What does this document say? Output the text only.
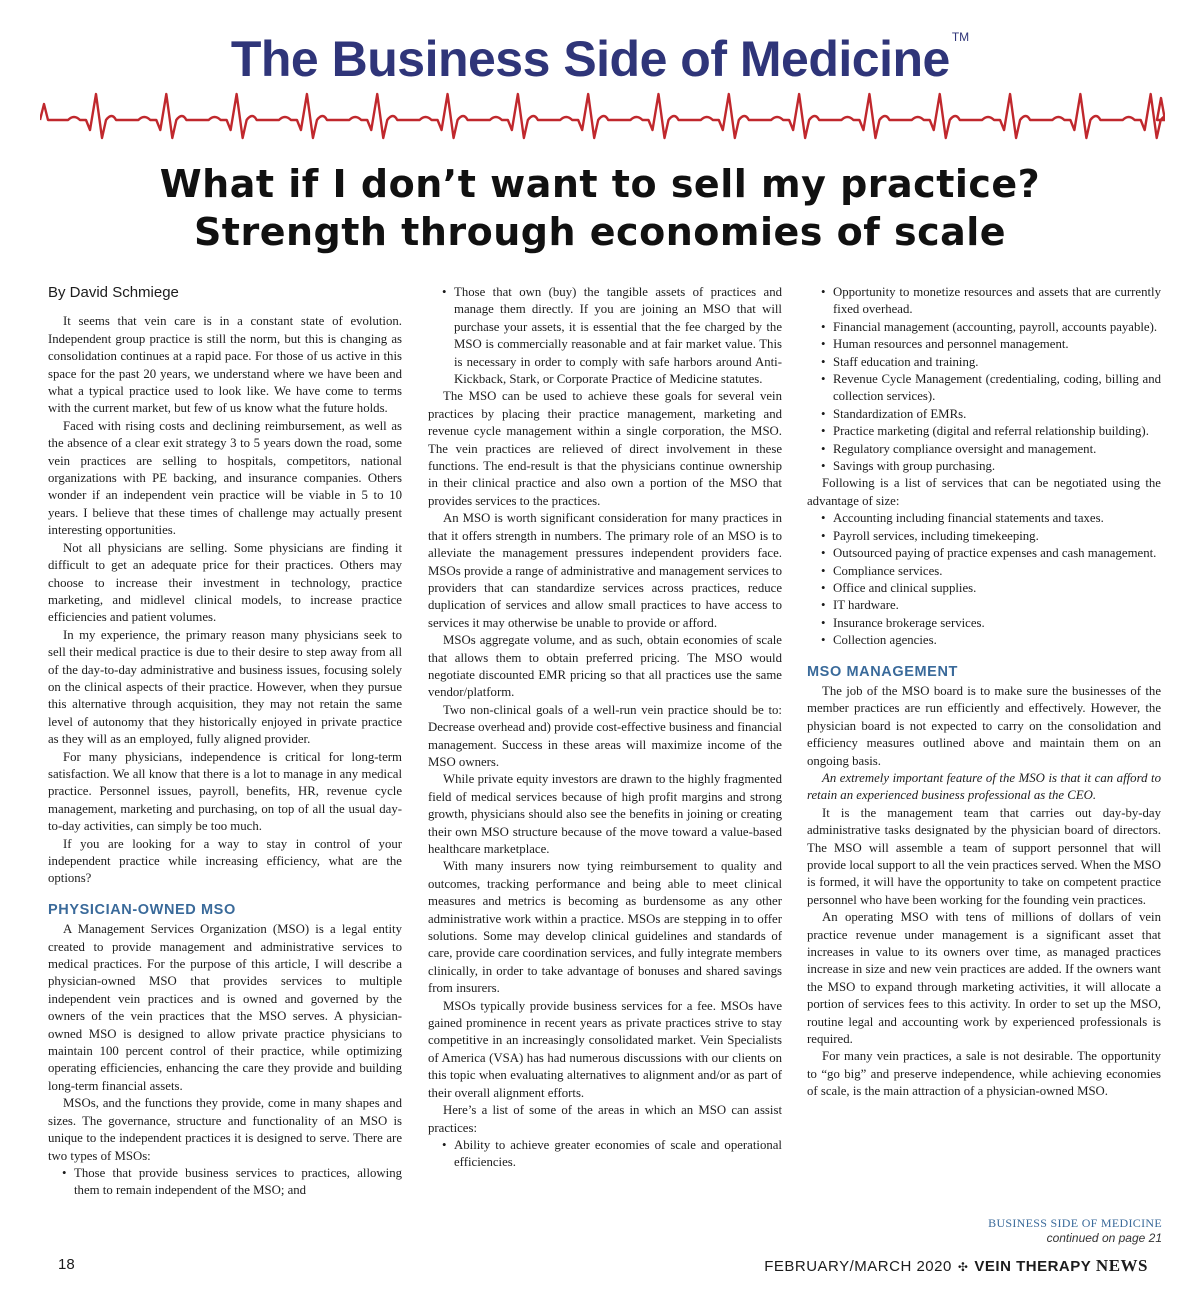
The Business Side of Medicine ™
What if I don’t want to sell my practice?
Strength through economies of scale
By David Schmiege

It seems that vein care is in a constant state of evolution. Independent group practice is still the norm, but this is changing as consolidation continues at a rapid pace. For those of us active in this space for the past 20 years, we understand where we have been and what a typical practice used to look like. We have come to terms with the current market, but few of us know what the future holds.

Faced with rising costs and declining reimbursement, as well as the absence of a clear exit strategy 3 to 5 years down the road, some vein practices are selling to hospitals, competitors, national organizations with PE backing, and insurance companies. Others wonder if an independent vein practice will be viable in 5 to 10 years. I believe that these times of challenge may actually present interesting opportunities.

Not all physicians are selling. Some physicians are finding it difficult to get an adequate price for their practices. Others may choose to increase their investment in technology, practice marketing, and midlevel clinical models, to increase practice efficiencies and patient volumes.

In my experience, the primary reason many physicians seek to sell their medical practice is due to their desire to step away from all of the day-to-day administrative and business issues, focusing solely on the clinical aspects of their practice. However, when they pursue this alternative through acquisition, they may not retain the same level of autonomy that they historically enjoyed in private practice as they will as an employed, fully aligned provider.

For many physicians, independence is critical for long-term satisfaction. We all know that there is a lot to manage in any medical practice. Personnel issues, payroll, benefits, HR, revenue cycle management, marketing and purchasing, on top of all the usual day-to-day activities, can simply be too much.

If you are looking for a way to stay in control of your independent practice while increasing efficiency, what are the options?

PHYSICIAN-OWNED MSO

A Management Services Organization (MSO) is a legal entity created to provide management and administrative services to medical practices. For the purpose of this article, I will describe a physician-owned MSO that provides services to multiple independent vein practices and is owned and governed by the owners of the vein practices that the MSO serves. A physician-owned MSO is designed to allow private practice physicians to maintain 100 percent control of their practice, while optimizing operating efficiencies, enhancing the care they provide and building long-term financial assets.

MSOs, and the functions they provide, come in many shapes and sizes. The governance, structure and functionality of an MSO is unique to the independent practices it is designed to serve. There are two types of MSOs:

• Those that provide business services to practices, allowing them to remain independent of the MSO; and
• Those that own (buy) the tangible assets of practices and manage them directly. If you are joining an MSO that will purchase your assets, it is essential that the fee charged by the MSO is commercially reasonable and at fair market value. This is necessary in order to comply with safe harbors around Anti-Kickback, Stark, or Corporate Practice of Medicine statutes.

The MSO can be used to achieve these goals for several vein practices by placing their practice management, marketing and revenue cycle management within a single corporation, the MSO. The vein practices are relieved of direct involvement in these functions. The end-result is that the physicians continue ownership in their clinical practice and also own a portion of the MSO that provides services to the practices.

An MSO is worth significant consideration for many practices in that it offers strength in numbers. The primary role of an MSO is to alleviate the management pressures independent providers face. MSOs provide a range of administrative and management services to providers that can standardize services across practices, reduce duplication of services and allow small practices to have access to services it may otherwise be unable to provide or afford.

MSOs aggregate volume, and as such, obtain economies of scale that allows them to obtain preferred pricing. The MSO would negotiate discounted EMR pricing so that all practices use the same vendor/platform.

Two non-clinical goals of a well-run vein practice should be to: Decrease overhead and) provide cost-effective business and financial management. Success in these areas will maximize income of the MSO owners.

While private equity investors are drawn to the highly fragmented field of medical services because of high profit margins and strong growth, physicians should also see the benefits in joining or creating their own MSO structure because of the move toward a value-based healthcare marketplace.

With many insurers now tying reimbursement to quality and outcomes, tracking performance and being able to meet clinical measures and metrics is becoming as burdensome as any other administrative work within a practice. MSOs are stepping in to offer solutions. Some may develop clinical guidelines and standards of care, provide care coordination services, and fully integrate members clinically, in order to take advantage of bonuses and shared savings from insurers.

MSOs typically provide business services for a fee. MSOs have gained prominence in recent years as private practices strive to stay competitive in an increasingly consolidated market. Vein Specialists of America (VSA) has had numerous discussions with our clients on this topic when evaluating alternatives to alignment and/or as part of their overall alignment efforts.

Here’s a list of some of the areas in which an MSO can assist practices:

• Ability to achieve greater economies of scale and operational efficiencies.
• Opportunity to monetize resources and assets that are currently fixed overhead.
• Financial management (accounting, payroll, accounts payable).
• Human resources and personnel management.
• Staff education and training.
• Revenue Cycle Management (credentialing, coding, billing and collection services).
• Standardization of EMRs.
• Practice marketing (digital and referral relationship building).
• Regulatory compliance oversight and management.
• Savings with group purchasing.

Following is a list of services that can be negotiated using the advantage of size:

• Accounting including financial statements and taxes.
• Payroll services, including timekeeping.
• Outsourced paying of practice expenses and cash management.
• Compliance services.
• Office and clinical supplies.
• IT hardware.
• Insurance brokerage services.
• Collection agencies.
MSO MANAGEMENT

The job of the MSO board is to make sure the businesses of the member practices are run efficiently and effectively. However, the physician board is not expected to carry on the consolidation and efficiency measures outlined above and maintain them on an ongoing basis.

An extremely important feature of the MSO is that it can afford to retain an experienced business professional as the CEO.

It is the management team that carries out day-by-day administrative tasks designated by the physician board of directors. The MSO will assemble a team of support personnel that will provide local support to all the vein practices served. When the MSO is formed, it will have the opportunity to take on competent practice personnel who have been working for the founding vein practices.

An operating MSO with tens of millions of dollars of vein practice revenue under management is a significant asset that increases in value to its owners over time, as managed practices increase in size and new vein practices are added. If the owners want the MSO to expand through marketing activities, it will allocate a portion of services fees to this activity. In order to set up the MSO, routine legal and accounting work by experienced professionals is required.

For many vein practices, a sale is not desirable. The opportunity to “go big” and preserve independence, while achieving economies of scale, is the main attraction of a physician-owned MSO.

BUSINESS SIDE OF MEDICINE
continued on page 21
18	FEBRUARY/MARCH 2020 ✣ VEIN THERAPY NEWS
